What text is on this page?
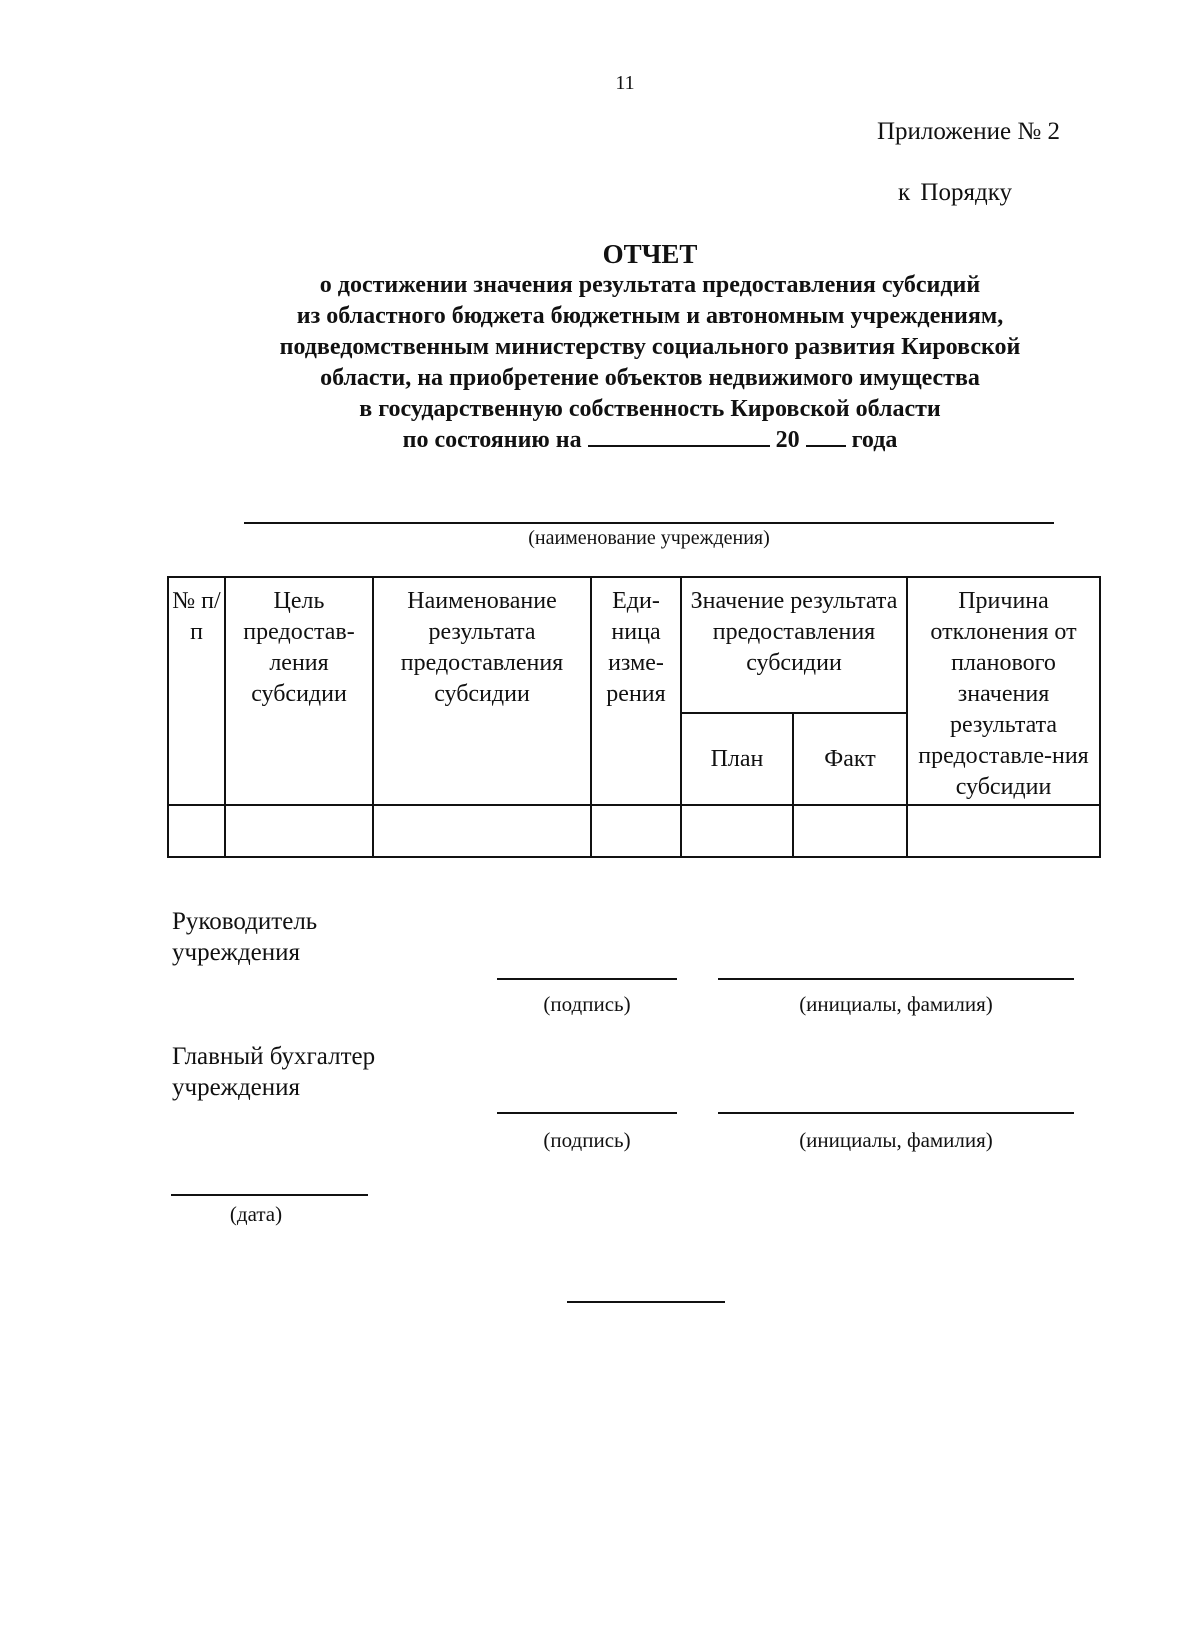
11
Приложение № 2
к Порядку
ОТЧЕТ
о достижении значения результата предоставления субсидий
из областного бюджета бюджетным и автономным учреждениям,
подведомственным министерству социального развития Кировской
области, на приобретение объектов недвижимого имущества
в государственную собственность Кировской области
по состоянию на	20 года
(наименование учреждения)
№ п/п	Цель предостав-ления субсидии	Наименование результата предоставления субсидии	Еди-ница изме-рения	Значение результата предоставления субсидии		Причина отклонения от планового значения результата предоставле-ния субсидии
				План	Факт	

Руководитель
учреждения
(подпись)	(инициалы, фамилия)
Главный бухгалтер
учреждения
(подпись)	(инициалы, фамилия)
(дата)
